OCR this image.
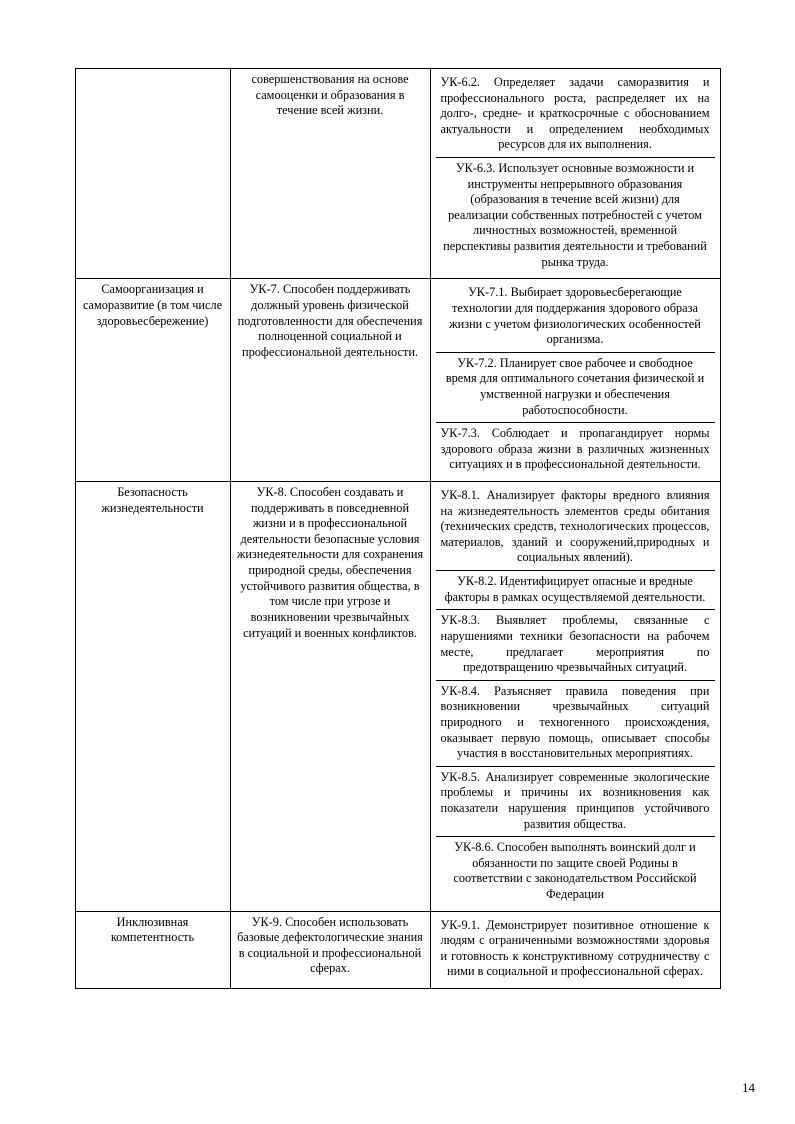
	совершенствования на основе самооценки и образования в течение всей жизни.	УК-6.2. Определяет задачи саморазвития и профессионального роста, распределяет их на долго-, средне- и краткосрочные с обоснованием актуальности и определением необходимых ресурсов для их выполнения.
УК-6.3. Использует основные возможности и инструменты непрерывного образования (образования в течение всей жизни) для реализации собственных потребностей с учетом личностных возможностей, временной перспективы развития деятельности и требований рынка труда.

Самоорганизация и саморазвитие (в том числе здоровьесбережение)	УК-7. Способен поддерживать должный уровень физической подготовленности для обеспечения полноценной социальной и профессиональной деятельности.	УК-7.1. Выбирает здоровьесберегающие технологии для поддержания здорового образа жизни с учетом физиологических особенностей организма.
УК-7.2. Планирует свое рабочее и свободное время для оптимального сочетания физической и умственной нагрузки и обеспечения работоспособности.
УК-7.3. Соблюдает и пропагандирует нормы здорового образа жизни в различных жизненных ситуациях и в профессиональной деятельности.

Безопасность жизнедеятельности	УК-8. Способен создавать и поддерживать в повседневной жизни и в профессиональной деятельности безопасные условия жизнедеятельности для сохранения природной среды, обеспечения устойчивого развития общества, в том числе при угрозе и возникновении чрезвычайных ситуаций и военных конфликтов.	
УК-8.1. Анализирует факторы вредного влияния на жизнедеятельность элементов среды обитания (технических средств, технологических процессов, материалов, зданий и сооружений,природных и социальных явлений).
УК-8.2. Идентифицирует опасные и вредные факторы в рамках осуществляемой деятельности.
УК-8.3. Выявляет проблемы, связанные с нарушениями техники безопасности на рабочем месте, предлагает мероприятия по предотвращению чрезвычайных ситуаций.
УК-8.4. Разъясняет правила поведения при возникновении чрезвычайных ситуаций природного и техногенного происхождения, оказывает первую помощь, описывает способы участия в восстановительных мероприятиях.
УК-8.5. Анализирует современные экологические проблемы и причины их возникновения как показатели нарушения принципов устойчивого развития общества.
УК-8.6. Способен выполнять воинский долг и обязанности по защите своей Родины в соответствии с законодательством Российской Федерации

Инклюзивная компетентность	УК-9. Способен использовать базовые дефектологические знания в социальной и профессиональной сферах.	УК-9.1. Демонстрирует позитивное отношение к людям с ограниченными возможностями здоровья и готовность к конструктивному сотрудничеству с ними в социальной и профессиональной сферах.
14
